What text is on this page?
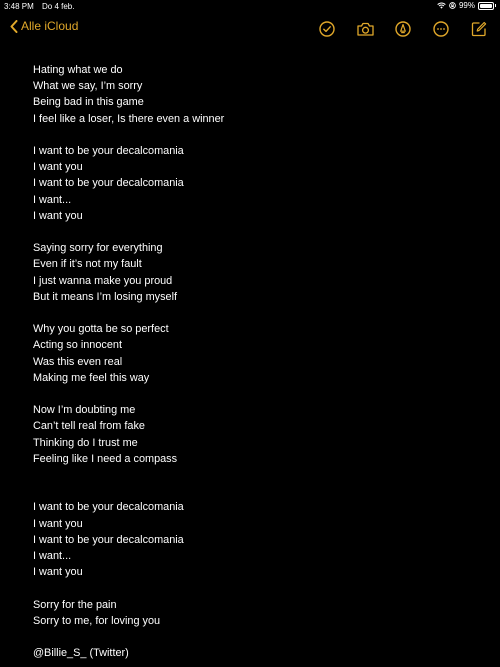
3:48 PM Do 4 feb.	99%
Alle iCloud
Hating what we do
What we say, I’m sorry
Being bad in this game
I feel like a loser, Is there even a winner
I want to be your decalcomania
I want you
I want to be your decalcomania
I want...
I want you
Saying sorry for everything
Even if it’s not my fault
I just wanna make you proud
But it means I’m losing myself
Why you gotta be so perfect
Acting so innocent
Was this even real
Making me feel this way
Now I’m doubting me
Can’t tell real from fake
Thinking do I trust me
Feeling like I need a compass
I want to be your decalcomania
I want you
I want to be your decalcomania
I want...
I want you
Sorry for the pain
Sorry to me, for loving you
@Billie_S_ (Twitter)
